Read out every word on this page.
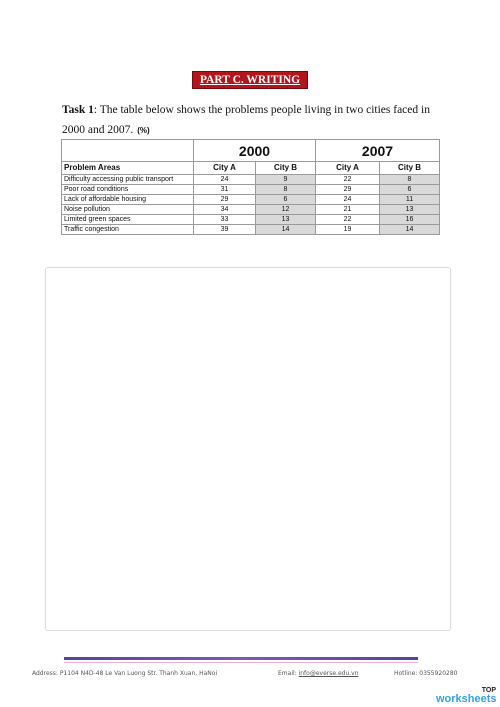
PART C. WRITING
Task 1: The table below shows the problems people living in two cities faced in 2000 and 2007. (%)
	2000		2007	
Problem Areas	City A	City B	City A	City B
Difficulty accessing public transport	24	9	22	8
Poor road conditions	31	8	29	6
Lack of affordable housing	29	6	24	11
Noise pollution	34	12	21	13
Limited green spaces	33	13	22	16
Traffic congestion	39	14	19	14
Address: P1104 N4D-48 Le Van Luong Str. Thanh Xuan, HaNoi	Email: info@everse.edu.vn	Hotline: 0355920280
TOP
worksheets
